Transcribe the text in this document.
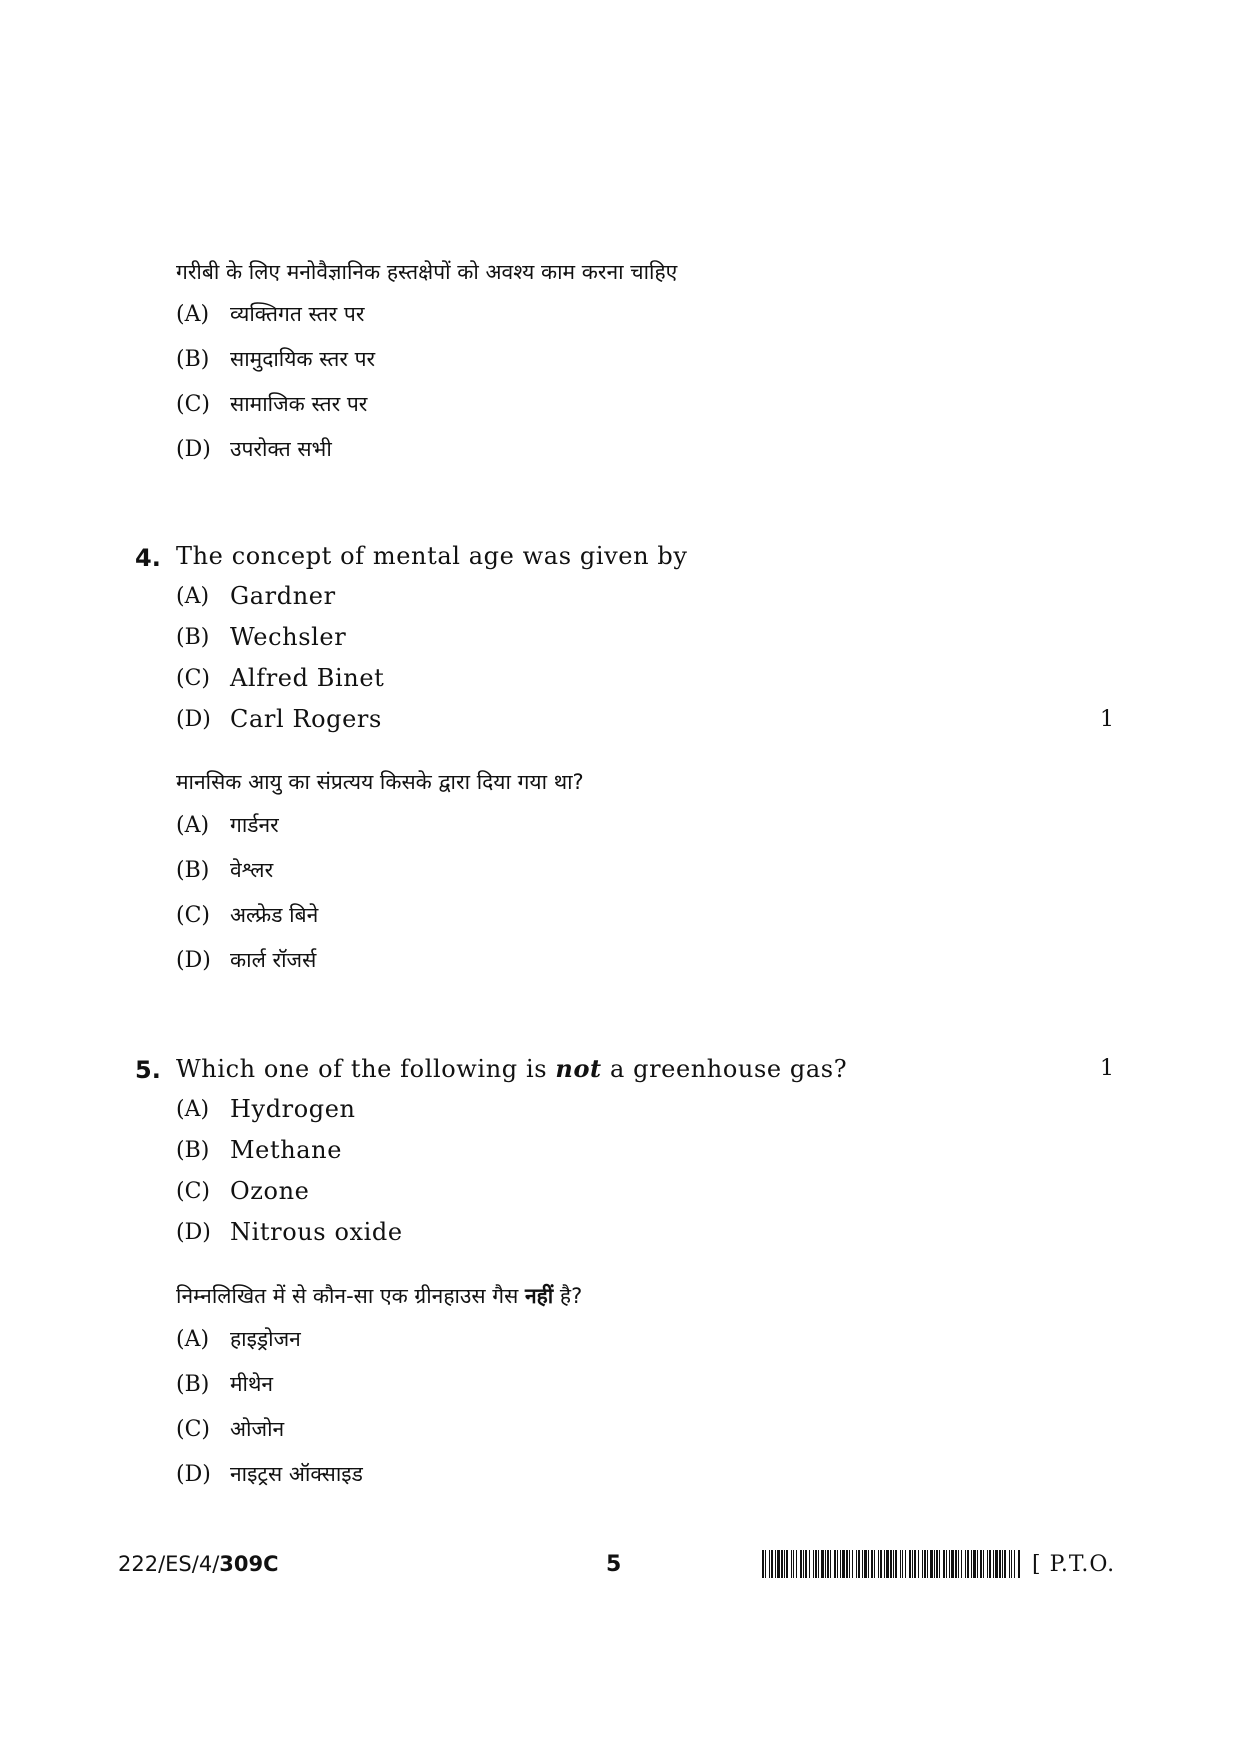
गरीबी के लिए मनोवैज्ञानिक हस्तक्षेपों को अवश्य काम करना चाहिए
(A) व्यक्तिगत स्तर पर
(B) सामुदायिक स्तर पर
(C) सामाजिक स्तर पर
(D) उपरोक्त सभी
4. The concept of mental age was given by
(A) Gardner
(B) Wechsler
(C) Alfred Binet
(D) Carl Rogers	1
मानसिक आयु का संप्रत्यय किसके द्वारा दिया गया था?
(A) गार्डनर
(B) वेश्लर
(C) अल्फ्रेड बिने
(D) कार्ल रॉजर्स
5. Which one of the following is not a greenhouse gas?	1
(A) Hydrogen
(B) Methane
(C) Ozone
(D) Nitrous oxide
निम्नलिखित में से कौन-सा एक ग्रीनहाउस गैस नहीं है?
(A) हाइड्रोजन
(B) मीथेन
(C) ओजोन
(D) नाइट्रस ऑक्साइड
222/ES/4/309C	5	[ P.T.O.
